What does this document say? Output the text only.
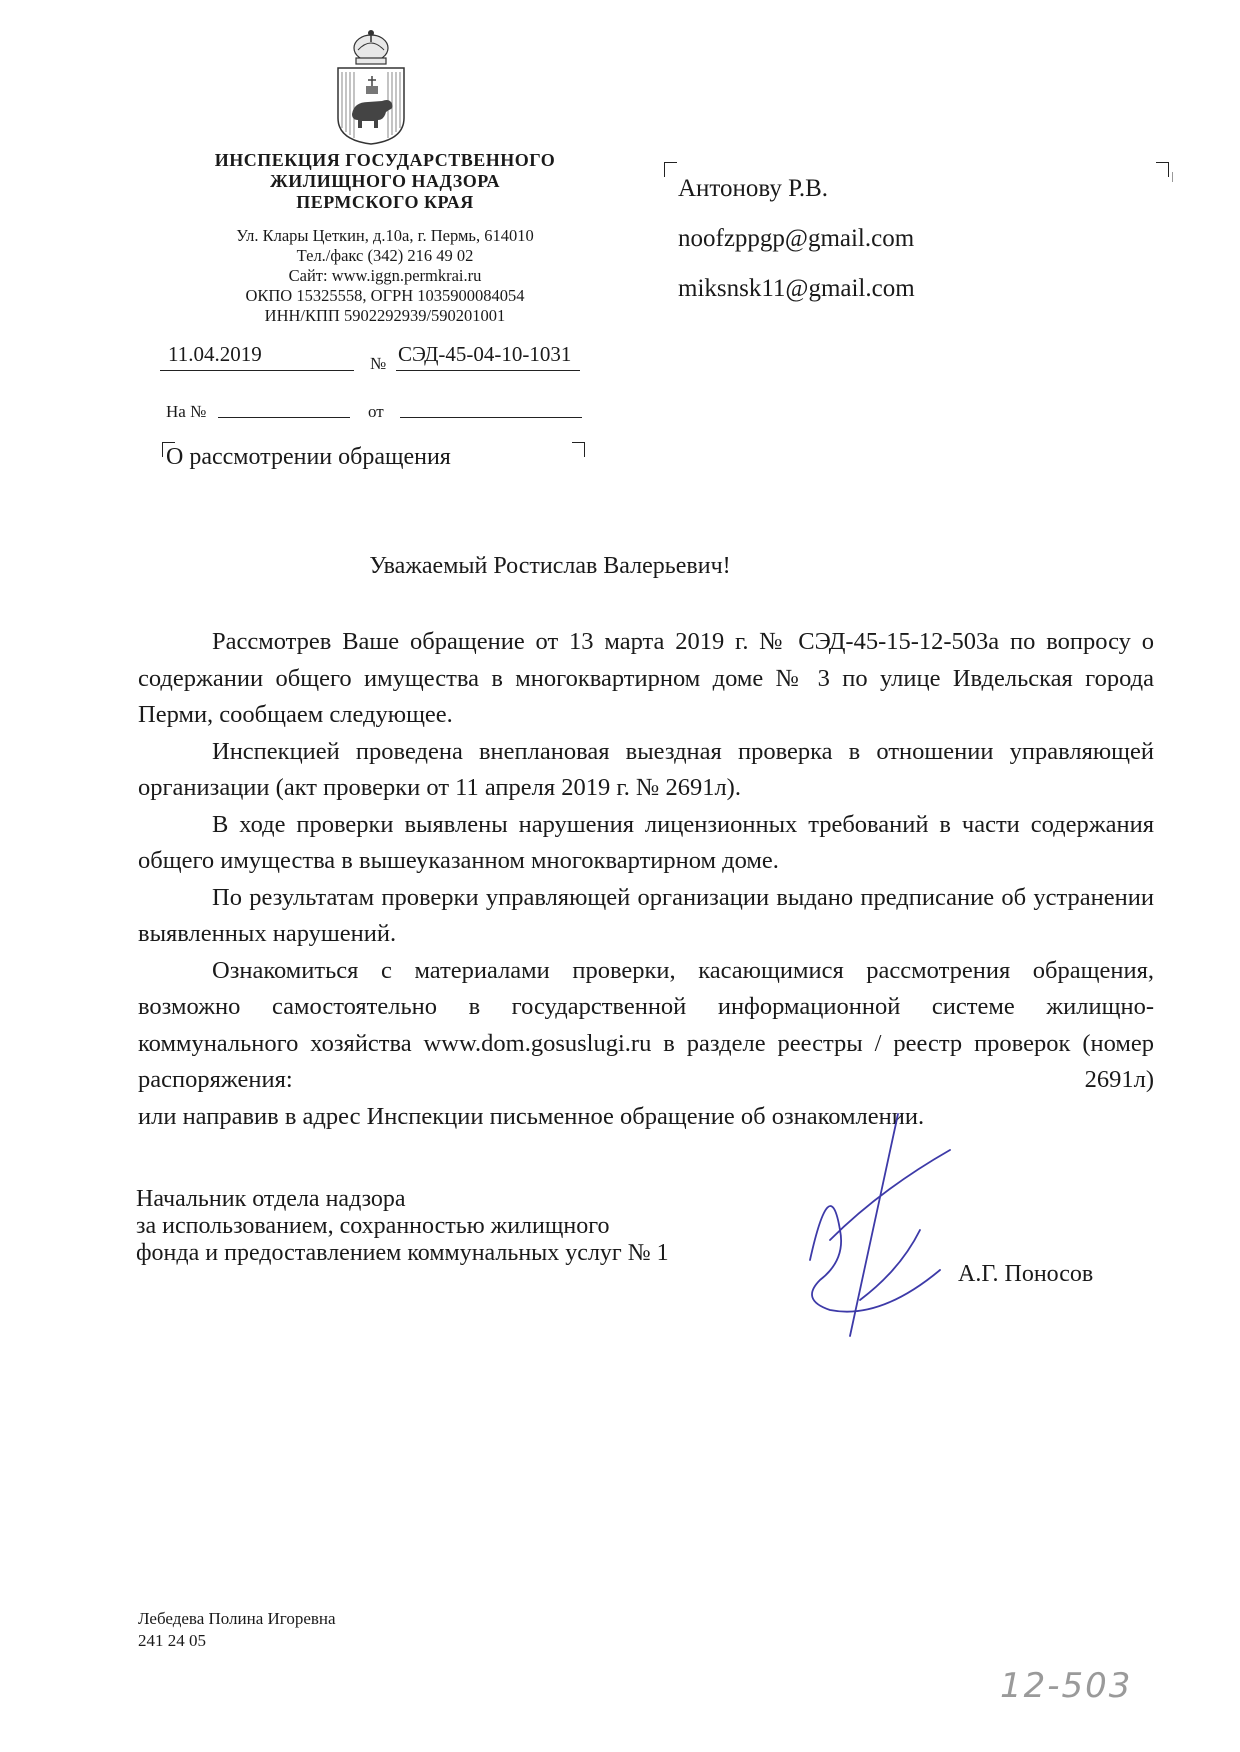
ИНСПЕКЦИЯ ГОСУДАРСТВЕННОГО
ЖИЛИЩНОГО НАДЗОРА
ПЕРМСКОГО КРАЯ
Ул. Клары Цеткин, д.10а, г. Пермь, 614010
Тел./факс (342) 216 49 02
Сайт: www.iggn.permkrai.ru
ОКПО 15325558, ОГРН 1035900084054
ИНН/КПП 5902292939/590201001
11.04.2019	№ СЭД-45-04-10-1031
На №	от
О рассмотрении обращения
Антонову Р.В.
noofzppgp@gmail.com
miksnsk11@gmail.com
Уважаемый Ростислав Валерьевич!

Рассмотрев Ваше обращение от 13 марта 2019 г. № СЭД-45-15-12-503а по вопросу о содержании общего имущества в многоквартирном доме № 3 по улице Ивдельская города Перми, сообщаем следующее.

Инспекцией проведена внеплановая выездная проверка в отношении управляющей организации (акт проверки от 11 апреля 2019 г. № 2691л).

В ходе проверки выявлены нарушения лицензионных требований в части содержания общего имущества в вышеуказанном многоквартирном доме.

По результатам проверки управляющей организации выдано предписание об устранении выявленных нарушений.

Ознакомиться с материалами проверки, касающимися рассмотрения обращения, возможно самостоятельно в государственной информационной системе жилищно-коммунального хозяйства www.dom.gosuslugi.ru в разделе реестры / реестр проверок (номер распоряжения: 2691л)

или направив в адрес Инспекции письменное обращение об ознакомлении.

Начальник отдела надзора
за использованием, сохранностью жилищного
фонда и предоставлением коммунальных услуг № 1
А.Г. Поносов
Лебедева Полина Игоревна
241 24 05
12-503
